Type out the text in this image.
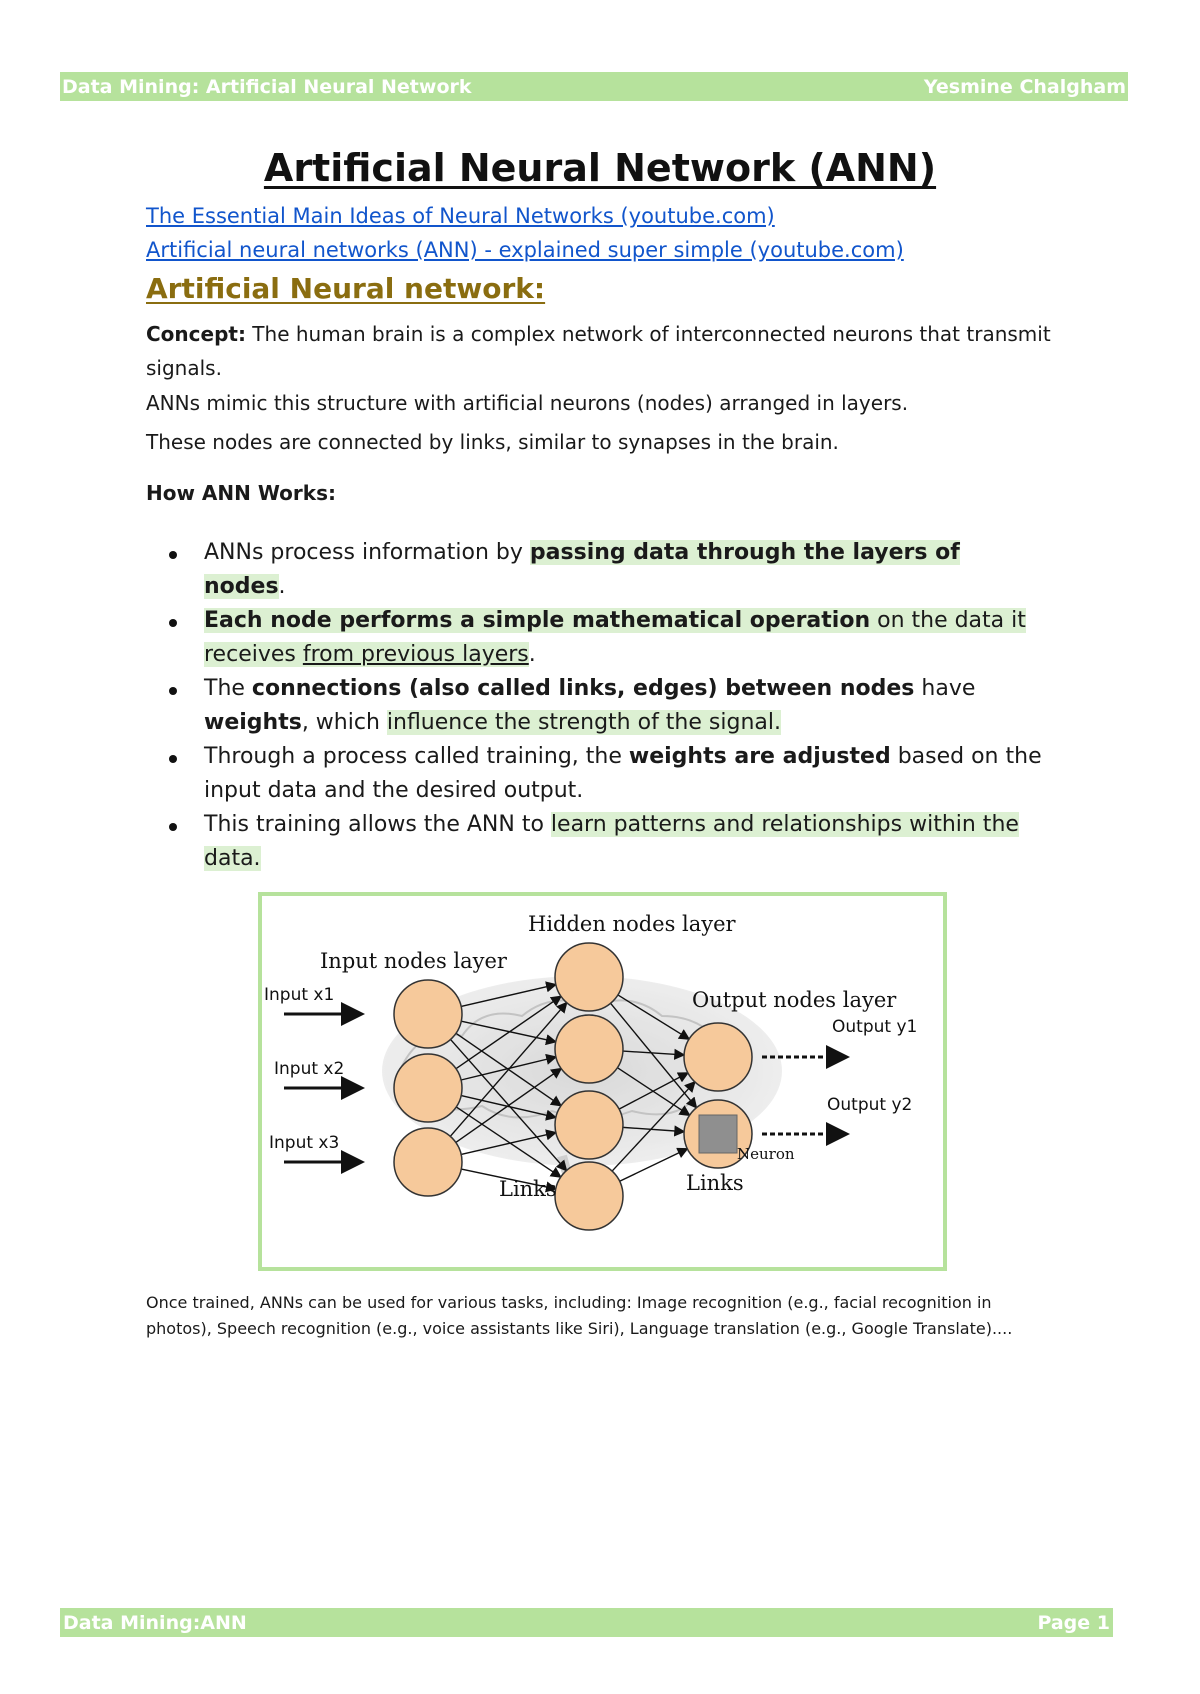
Data Mining: Artificial Neural Network	Yesmine Chalgham
Artificial Neural Network (ANN)
The Essential Main Ideas of Neural Networks (youtube.com)
Artificial neural networks (ANN) - explained super simple (youtube.com)
Artificial Neural network:

Concept: The human brain is a complex network of interconnected neurons that transmit signals.

ANNs mimic this structure with artificial neurons (nodes) arranged in layers.

These nodes are connected by links, similar to synapses in the brain.

How ANN Works:

ANNs process information by passing data through the layers of nodes.
Each node performs a simple mathematical operation on the data it receives from previous layers.
The connections (also called links, edges) between nodes have weights, which influence the strength of the signal.
Through a process called training, the weights are adjusted based on the input data and the desired output.
This training allows the ANN to learn patterns and relationships within the data.
Hidden nodes layer
Input nodes layer
Output nodes layer
Links	Links
Input x1
Input x2
Input x3
Output y1
Output y2
Neuron

Once trained, ANNs can be used for various tasks, including: Image recognition (e.g., facial recognition in photos), Speech recognition (e.g., voice assistants like Siri), Language translation (e.g., Google Translate)....

Data Mining:ANN	Page 1
